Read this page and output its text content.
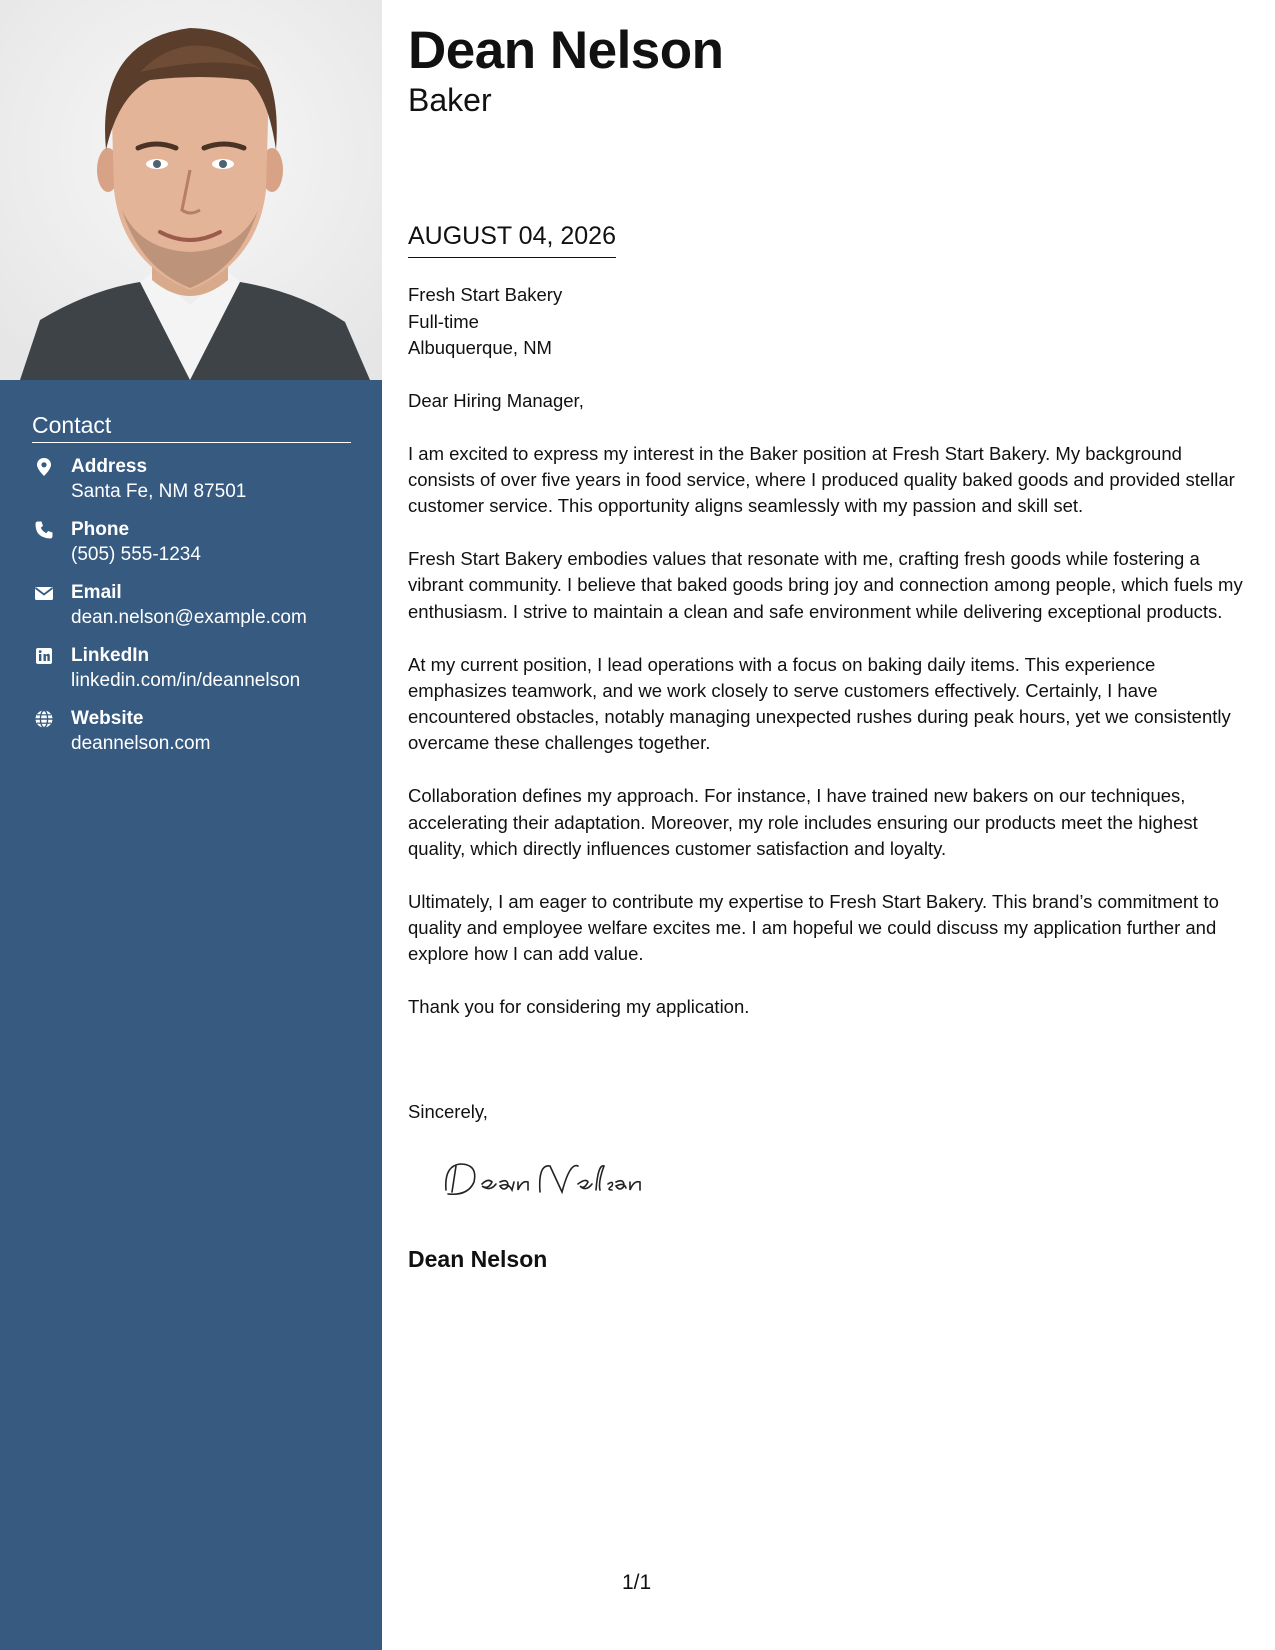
Contact
Address
Santa Fe, NM 87501
Phone
(505) 555-1234
Email
dean.nelson@example.com
LinkedIn
linkedin.com/in/deannelson
Website
deannelson.com
Dean Nelson
Baker
AUGUST 04, 2026
Fresh Start Bakery
Full-time
Albuquerque, NM

Dear Hiring Manager,

I am excited to express my interest in the Baker position at Fresh Start Bakery. My background consists of over five years in food service, where I produced quality baked goods and provided stellar customer service. This opportunity aligns seamlessly with my passion and skill set.

Fresh Start Bakery embodies values that resonate with me, crafting fresh goods while fostering a vibrant community. I believe that baked goods bring joy and connection among people, which fuels my enthusiasm. I strive to maintain a clean and safe environment while delivering exceptional products.

At my current position, I lead operations with a focus on baking daily items. This experience emphasizes teamwork, and we work closely to serve customers effectively. Certainly, I have encountered obstacles, notably managing unexpected rushes during peak hours, yet we consistently overcame these challenges together.

Collaboration defines my approach. For instance, I have trained new bakers on our techniques, accelerating their adaptation. Moreover, my role includes ensuring our products meet the highest quality, which directly influences customer satisfaction and loyalty.

Ultimately, I am eager to contribute my expertise to Fresh Start Bakery. This brand’s commitment to quality and employee welfare excites me. I am hopeful we could discuss my application further and explore how I can add value.

Thank you for considering my application.

Sincerely,
Dean Nelson
1/1
